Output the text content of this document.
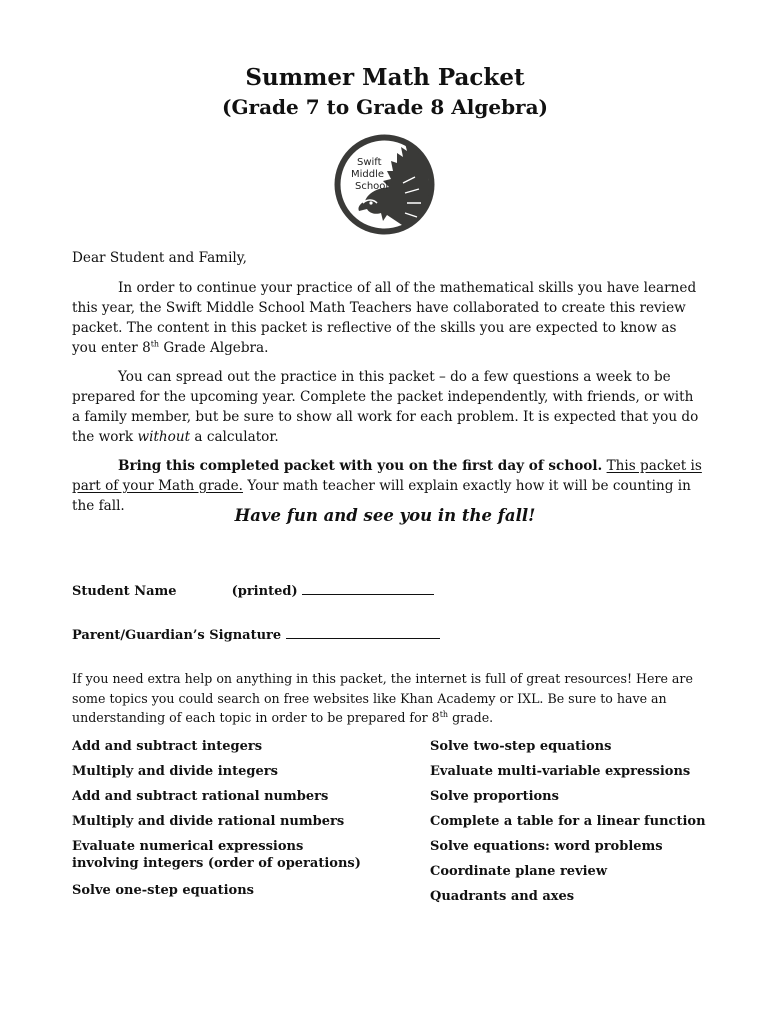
Summer Math Packet
(Grade 7 to Grade 8 Algebra)
Swift
Middle
School

Dear Student and Family,

In order to continue your practice of all of the mathematical skills you have learned this year, the Swift Middle School Math Teachers have collaborated to create this review packet. The content in this packet is reflective of the skills you are expected to know as you enter 8th Grade Algebra.

You can spread out the practice in this packet – do a few questions a week to be prepared for the upcoming year. Complete the packet independently, with friends, or with a family member, but be sure to show all work for each problem. It is expected that you do the work without a calculator.

Bring this completed packet with you on the first day of school. This packet is part of your Math grade. Your math teacher will explain exactly how it will be counting in the fall.	Have fun and see you in the fall!
Student Name	(printed)
Parent/Guardian’s Signature

If you need extra help on anything in this packet, the internet is full of great resources! Here are some topics you could search on free websites like Khan Academy or IXL. Be sure to have an understanding of each topic in order to be prepared for 8th grade.

Add and subtract integers
Multiply and divide integers
Add and subtract rational numbers
Multiply and divide rational numbers
Evaluate numerical expressions involving integers (order of operations)
Solve one-step equations
Solve two-step equations
Evaluate multi-variable expressions
Solve proportions
Complete a table for a linear function
Solve equations: word problems
Coordinate plane review
Quadrants and axes
